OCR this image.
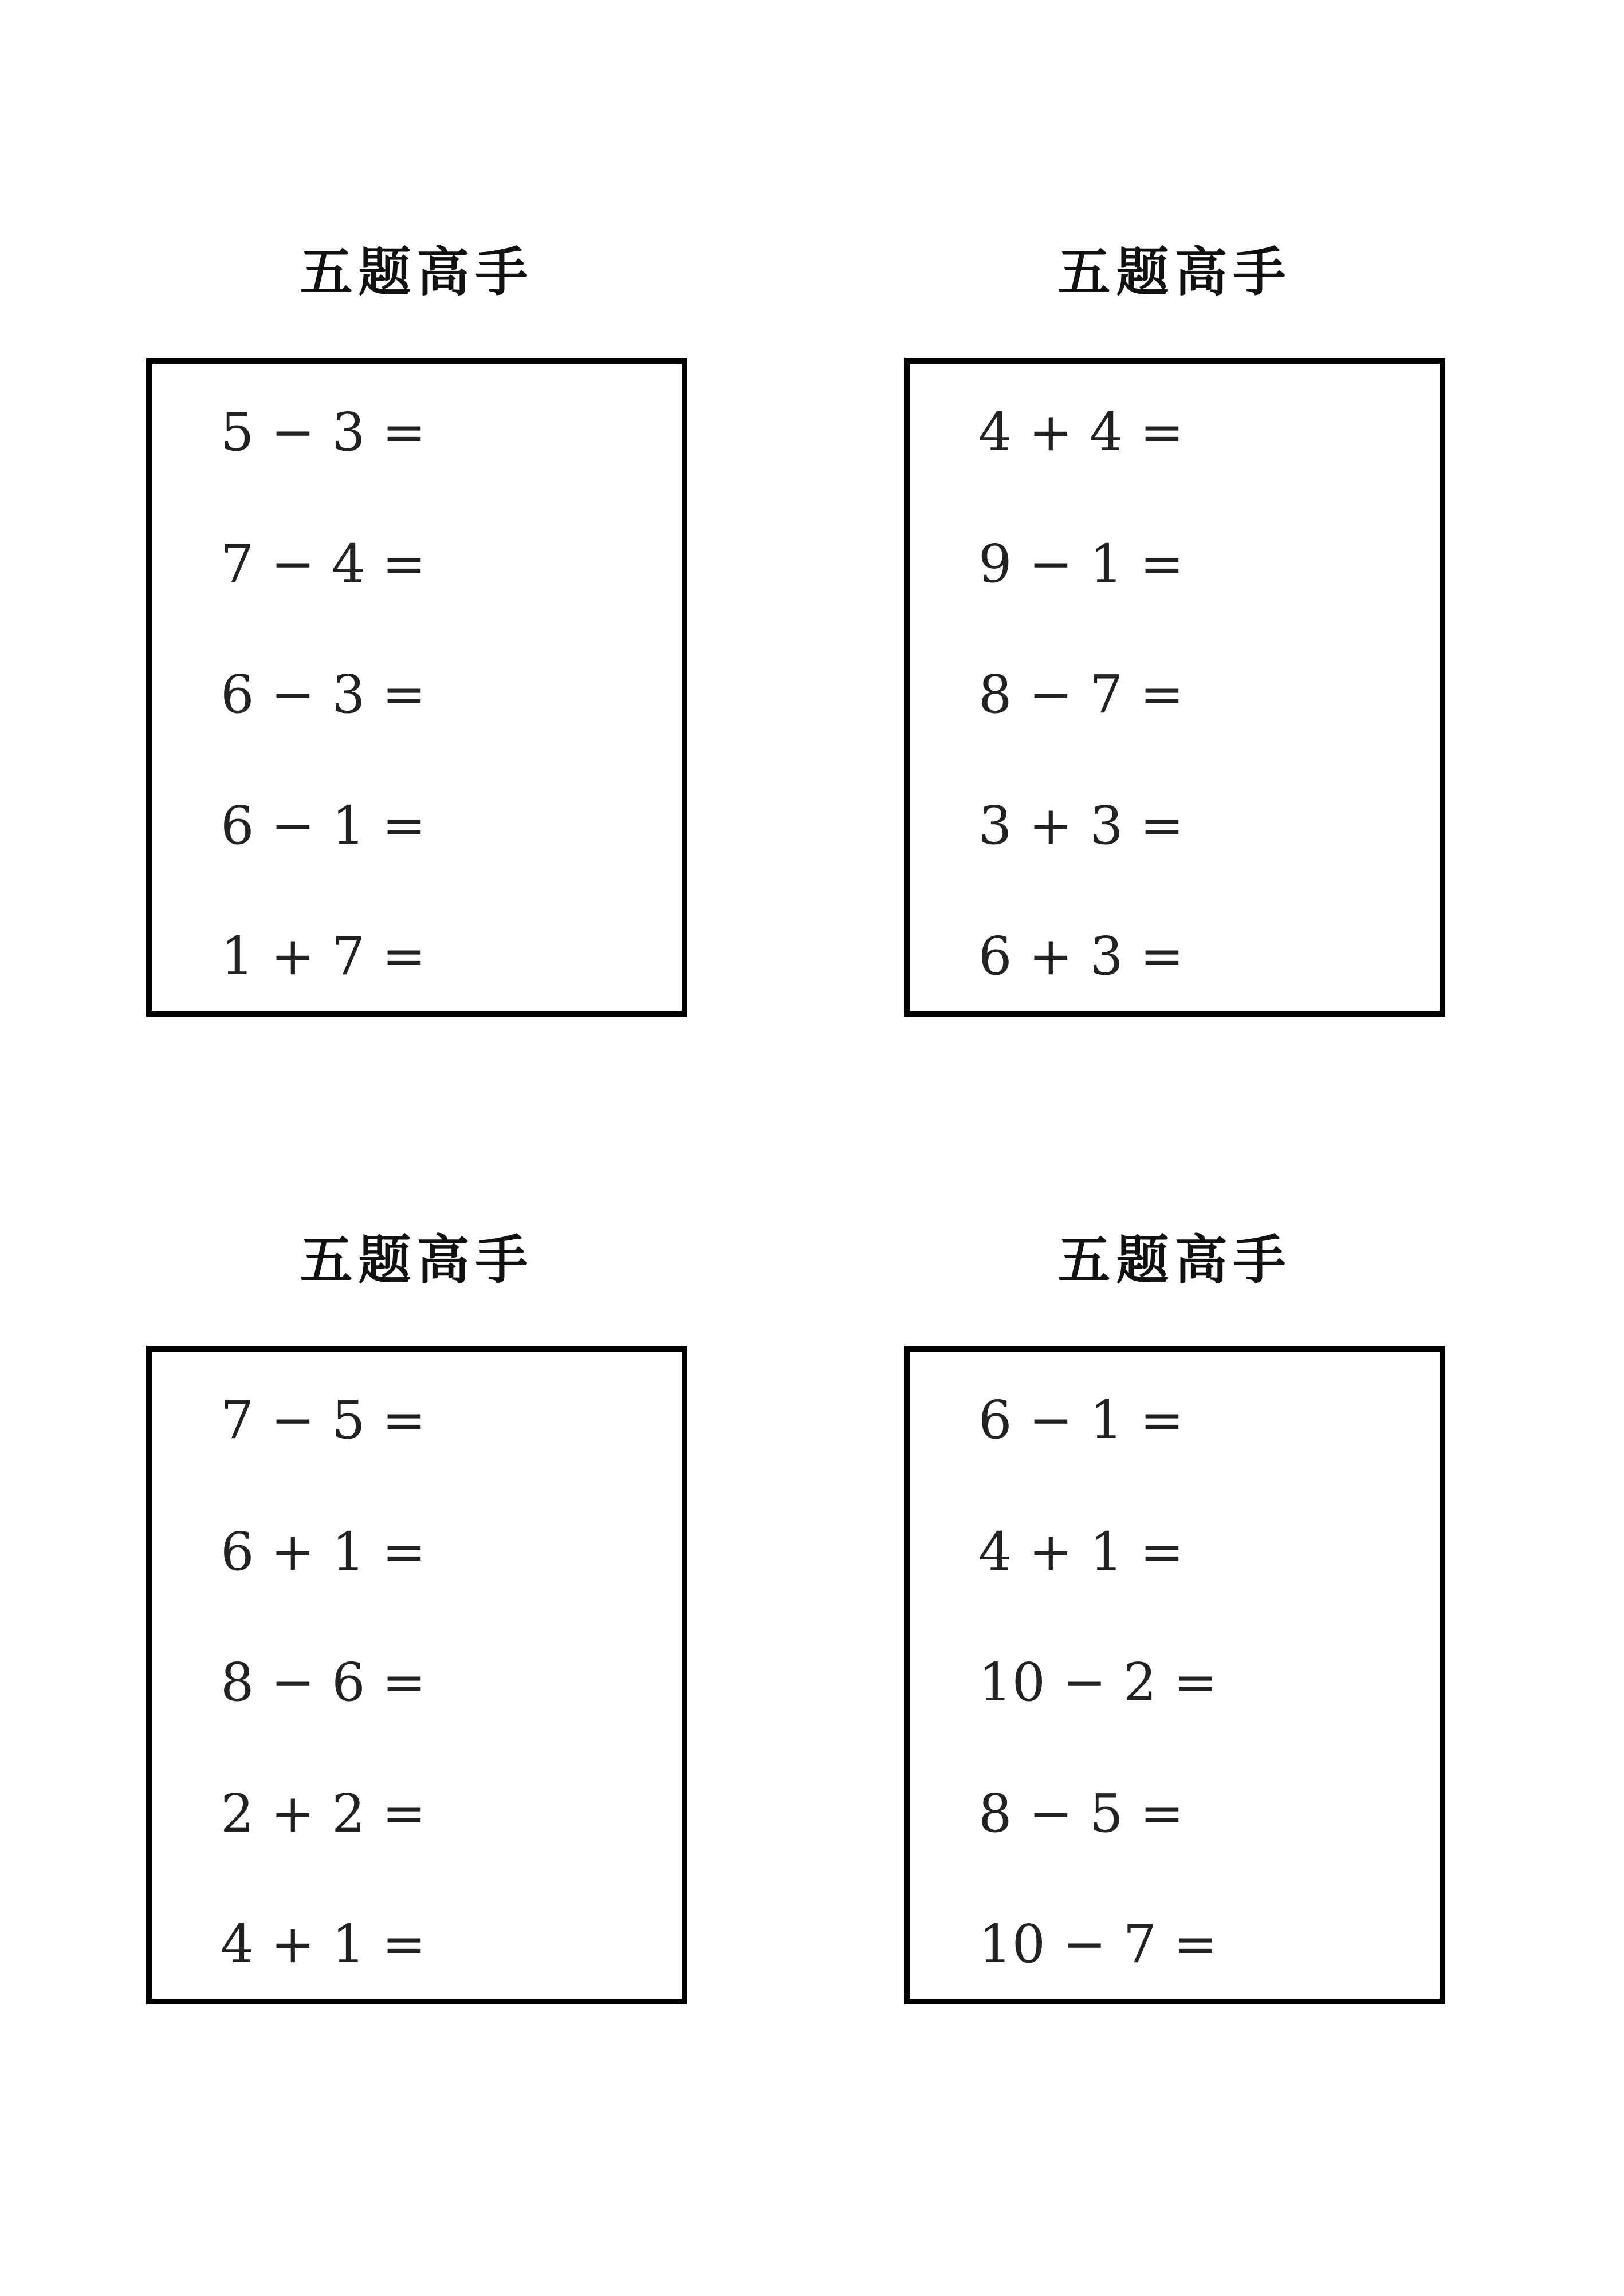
五题高手
5 − 3 =
7 − 4 =
6 − 3 =
6 − 1 =
1 + 7 =
五题高手
4 + 4 =
9 − 1 =
8 − 7 =
3 + 3 =
6 + 3 =
五题高手
7 − 5 =
6 + 1 =
8 − 6 =
2 + 2 =
4 + 1 =
五题高手
6 − 1 =
4 + 1 =
10 − 2 =
8 − 5 =
10 − 7 =
